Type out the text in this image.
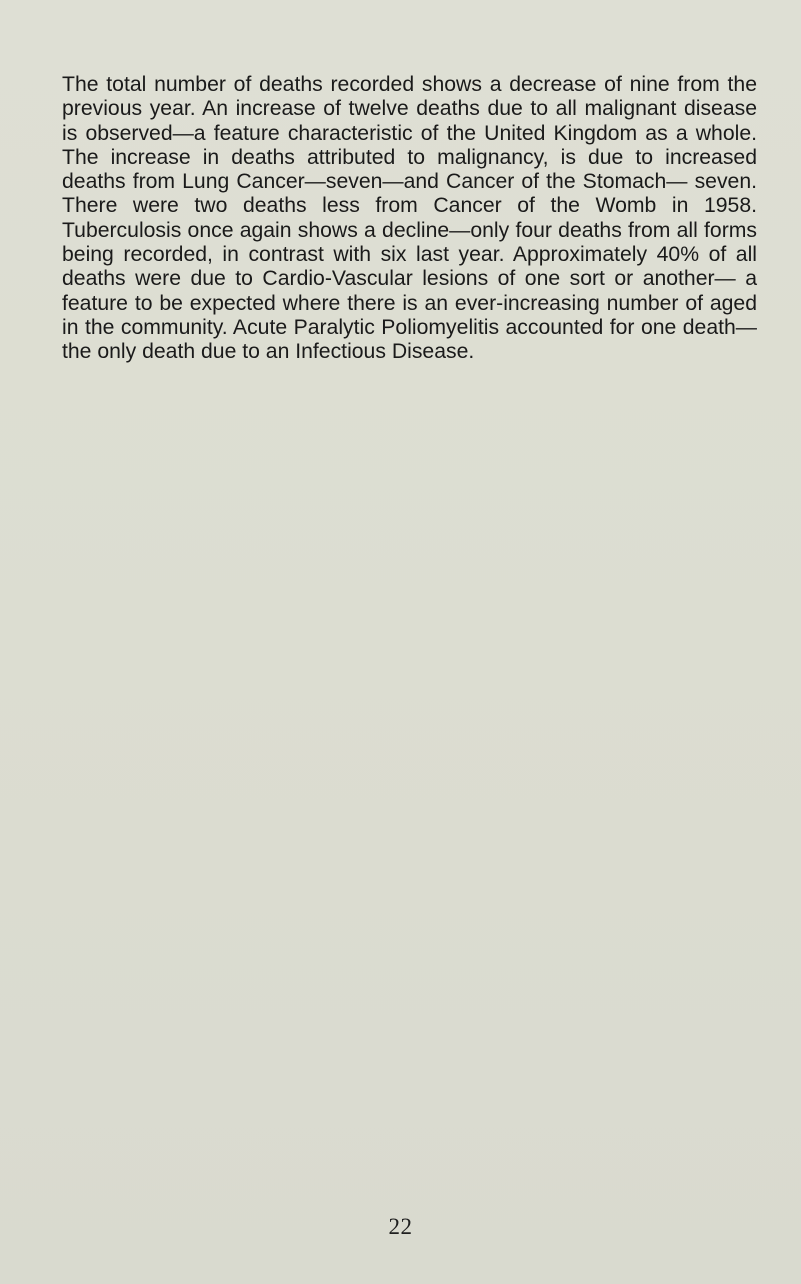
The total number of deaths recorded shows a decrease of nine from the previous year. An increase of twelve deaths due to all malignant disease is observed—a feature characteristic of the United Kingdom as a whole. The increase in deaths attributed to malignancy, is due to increased deaths from Lung Cancer—seven—and Cancer of the Stomach— seven. There were two deaths less from Cancer of the Womb in 1958. Tuberculosis once again shows a decline—only four deaths from all forms being recorded, in contrast with six last year. Approximately 40% of all deaths were due to Cardio-Vascular lesions of one sort or another— a feature to be expected where there is an ever-increasing number of aged in the community. Acute Paralytic Poliomyelitis accounted for one death—the only death due to an Infectious Disease.

22
